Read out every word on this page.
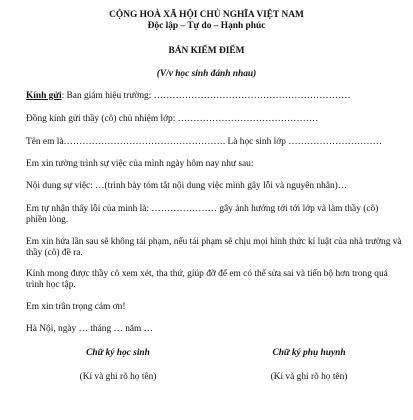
CỘNG HOÀ XÃ HỘI CHỦ NGHĨA VIỆT NAM
Độc lập – Tự do – Hạnh phúc
BẢN KIỂM ĐIỂM
(V/v học sinh đánh nhau)
Kính gửi: Ban giám hiệu trường: ………………………………………………………
Đồng kính gửi thầy (cô) chủ nhiệm lớp: ………………………………………
Tên em là……………………………………………. Là học sinh lớp …………………………
Em xin tường trình sự việc của mình ngày hôm nay như sau:
Nội dung sự việc: …(trình bày tóm tắt nội dung việc mình gây lỗi và nguyên nhân)…
Em tự nhận thấy lỗi của mình là: ………………… gây ảnh hưởng tới tới lớp và làm thầy (cô) phiền lòng.
Em xin hứa lần sau sẽ không tái phạm, nếu tái phạm sẽ chịu mọi hình thức kỉ luật của nhà trường và thầy (cô) đề ra.
Kính mong được thầy cô xem xét, tha thứ, giúp đỡ để em có thể sửa sai và tiến bộ hơn trong quá trình học tập.
Em xin trân trọng cảm ơn!
Hà Nội, ngày … tháng … năm …
Chữ ký học sinh
(Kí và ghi rõ họ tên)
Chữ ký phụ huynh
(Kí và ghi rõ họ tên)
